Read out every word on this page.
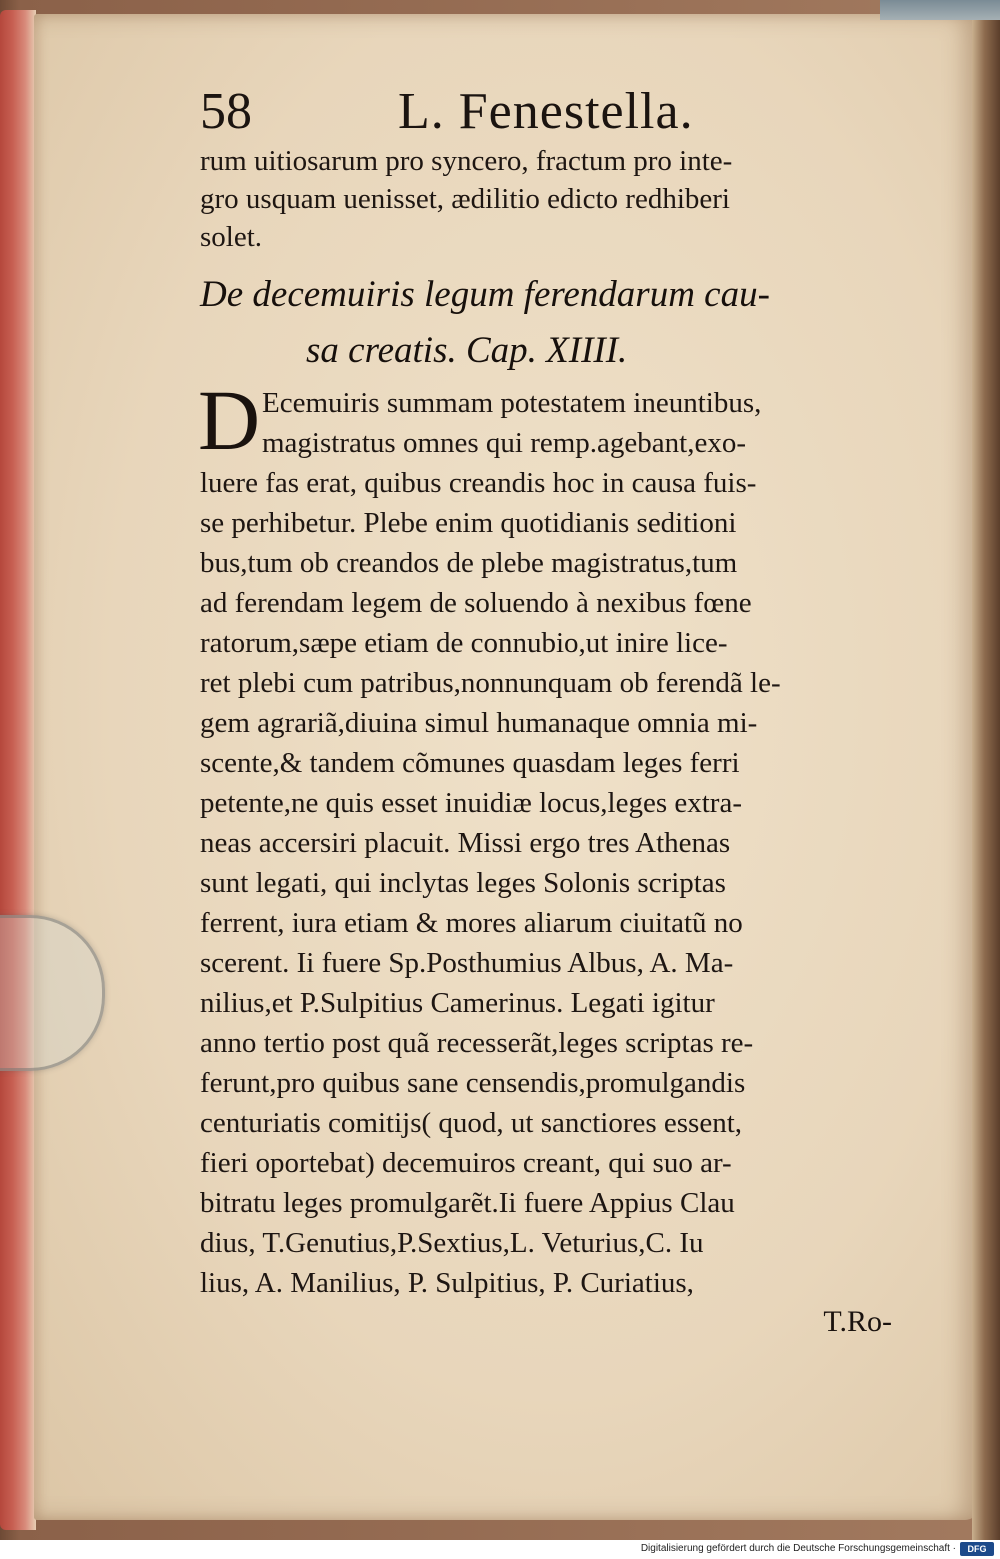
58	L. Fenestella.
rum uitiosarum pro syncero, fractum pro inte-
gro usquam uenisset, ædilitio edicto redhiberi
solet.
De decemuiris legum ferendarum cau-
sa creatis. Cap. XIIII.
D Ecemuiris summam potestatem ineuntibus,
magistratus omnes qui remp.agebant,exo-
luere fas erat, quibus creandis hoc in causa fuis-
se perhibetur. Plebe enim quotidianis seditioni
bus,tum ob creandos de plebe magistratus,tum
ad ferendam legem de soluendo à nexibus fœne
ratorum,sæpe etiam de connubio,ut inire lice-
ret plebi cum patribus,nonnunquam ob ferendã le-
gem agrariã,diuina simul humanaque omnia mi-
scente,& tandem cõmunes quasdam leges ferri
petente,ne quis esset inuidiæ locus,leges extra-
neas accersiri placuit. Missi ergo tres Athenas
sunt legati, qui inclytas leges Solonis scriptas
ferrent, iura etiam & mores aliarum ciuitatũ no
scerent. Ii fuere Sp.Posthumius Albus, A. Ma-
nilius,et P.Sulpitius Camerinus. Legati igitur
anno tertio post quã recesserãt,leges scriptas re-
ferunt,pro quibus sane censendis,promulgandis
centuriatis comitijs( quod, ut sanctiores essent,
fieri oportebat) decemuiros creant, qui suo ar-
bitratu leges promulgarẽt.Ii fuere Appius Clau
dius, T.Genutius,P.Sextius,L. Veturius,C. Iu
lius, A. Manilius, P. Sulpitius, P. Curiatius,
T.Ro-
Digitalisierung gefördert durch die Deutsche Forschungsgemeinschaft ·	DFG
